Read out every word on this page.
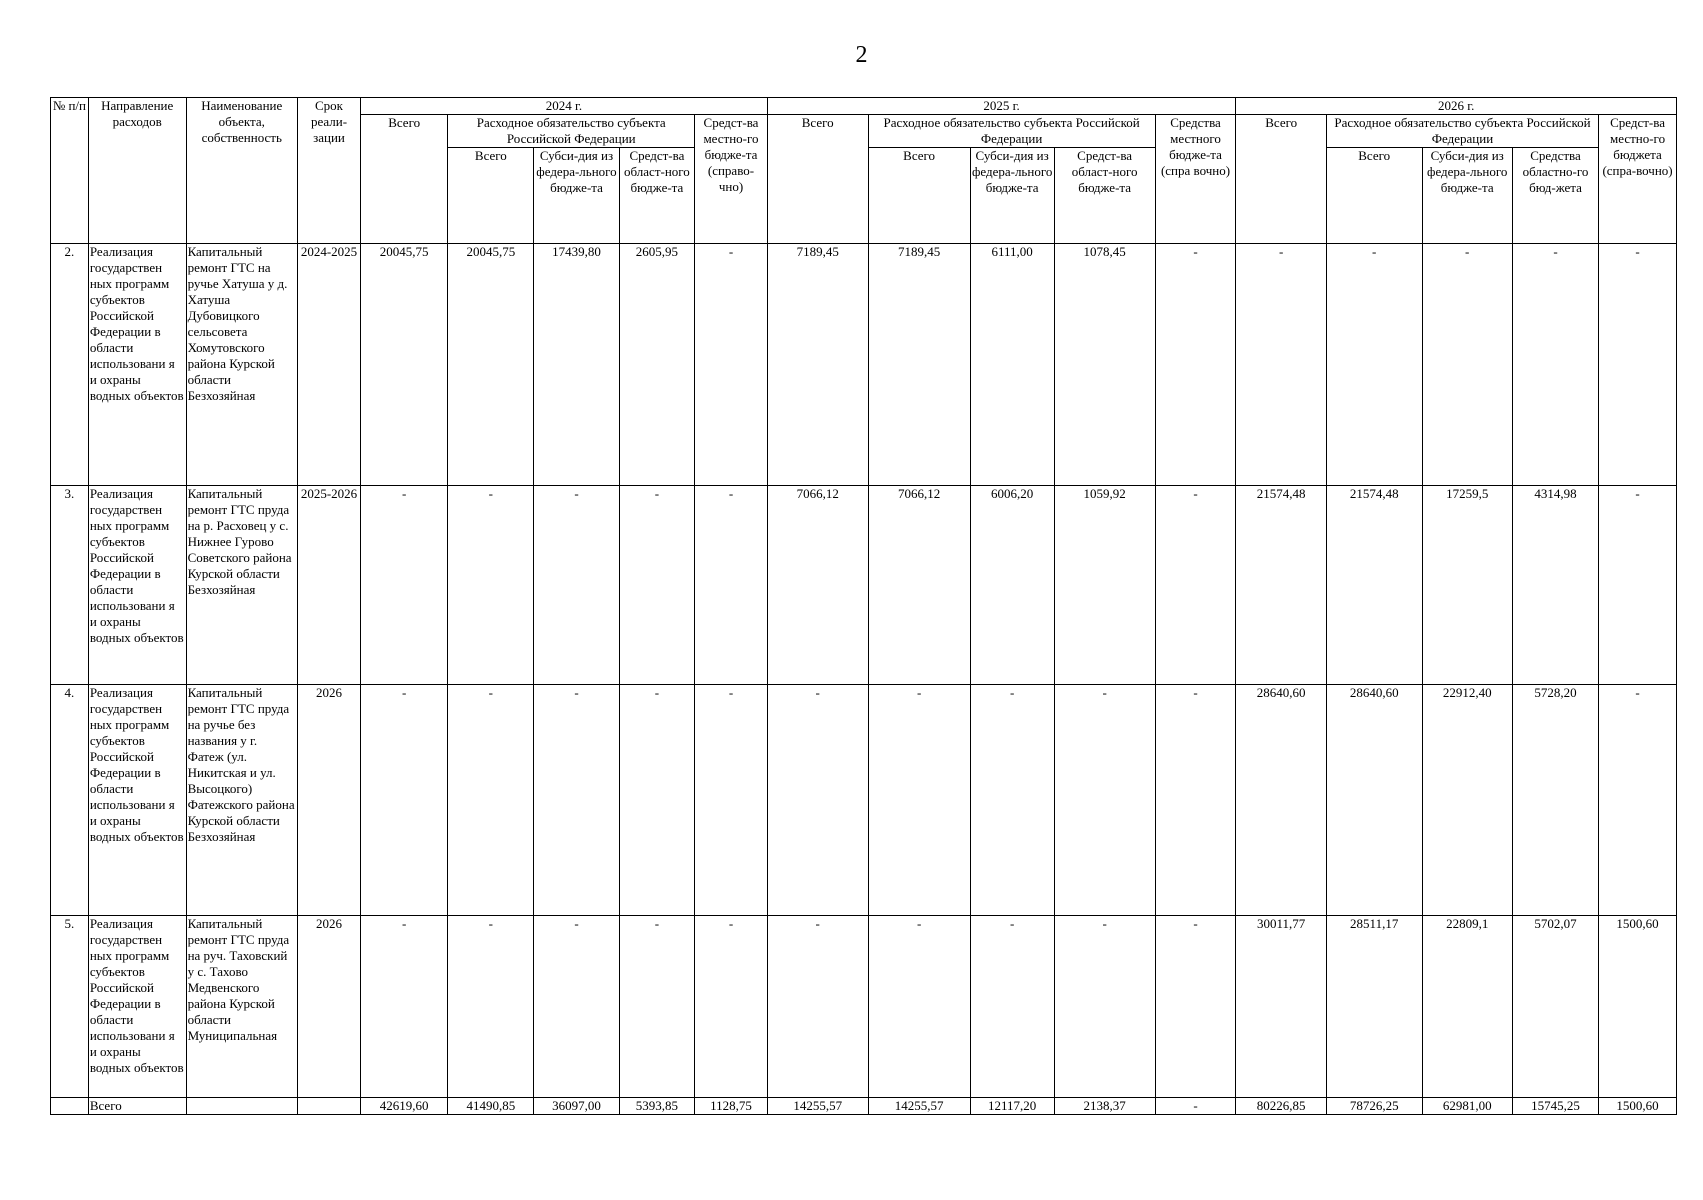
2
№ п/п	Направление расходов	Наименование объекта, собственность	Срок реали-зации	2024 г.					2025 г.					2026 г.				
				Всего	Расходное обязательство субъекта Российской Федерации			Средст-ва местно-го бюдже-та (справо-чно)	Всего	Расходное обязательство субъекта Российской Федерации			Средства местного бюдже-та (спра вочно)	Всего	Расходное обязательство субъекта Российской Федерации			Средст-ва местно-го бюджета (спра-вочно)
					Всего	Субси-дия из федера-льного бюдже-та	Средст-ва област-ного бюдже-та			Всего	Субси-дия из федера-льного бюдже-та	Средст-ва област-ного бюдже-та			Всего	Субси-дия из федера-льного бюдже-та	Средства областно-го бюд-жета	
2.	Реализация государствен ных программ субъектов Российской Федерации в области использовани я и охраны водных объектов	Капитальный ремонт ГТС на ручье Хатуша у д. Хатуша Дубовицкого сельсовета Хомутовского района Курской области Безхозяйная	2024-2025	20045,75	20045,75	17439,80	2605,95	-	7189,45	7189,45	6111,00	1078,45	-	-	-	-	-	-
3.	Реализация государствен ных программ субъектов Российской Федерации в области использовани я и охраны водных объектов	Капитальный ремонт ГТС пруда на р. Расховец у с. Нижнее Гурово Советского района Курской области Безхозяйная	2025-2026	-	-	-	-	-	7066,12	7066,12	6006,20	1059,92	-	21574,48	21574,48	17259,5	4314,98	-
4.	Реализация государствен ных программ субъектов Российской Федерации в области использовани я и охраны водных объектов	Капитальный ремонт ГТС пруда на ручье без названия у г. Фатеж (ул. Никитская и ул. Высоцкого) Фатежского района Курской области Безхозяйная	2026	-	-	-	-	-	-	-	-	-	-	28640,60	28640,60	22912,40	5728,20	-
5.	Реализация государствен ных программ субъектов Российской Федерации в области использовани я и охраны водных объектов	Капитальный ремонт ГТС пруда на руч. Таховский у с. Тахово Медвенского района Курской области Муниципальная	2026	-	-	-	-	-	-	-	-	-	-	30011,77	28511,17	22809,1	5702,07	1500,60
	Всего			42619,60	41490,85	36097,00	5393,85	1128,75	14255,57	14255,57	12117,20	2138,37	-	80226,85	78726,25	62981,00	15745,25	1500,60
